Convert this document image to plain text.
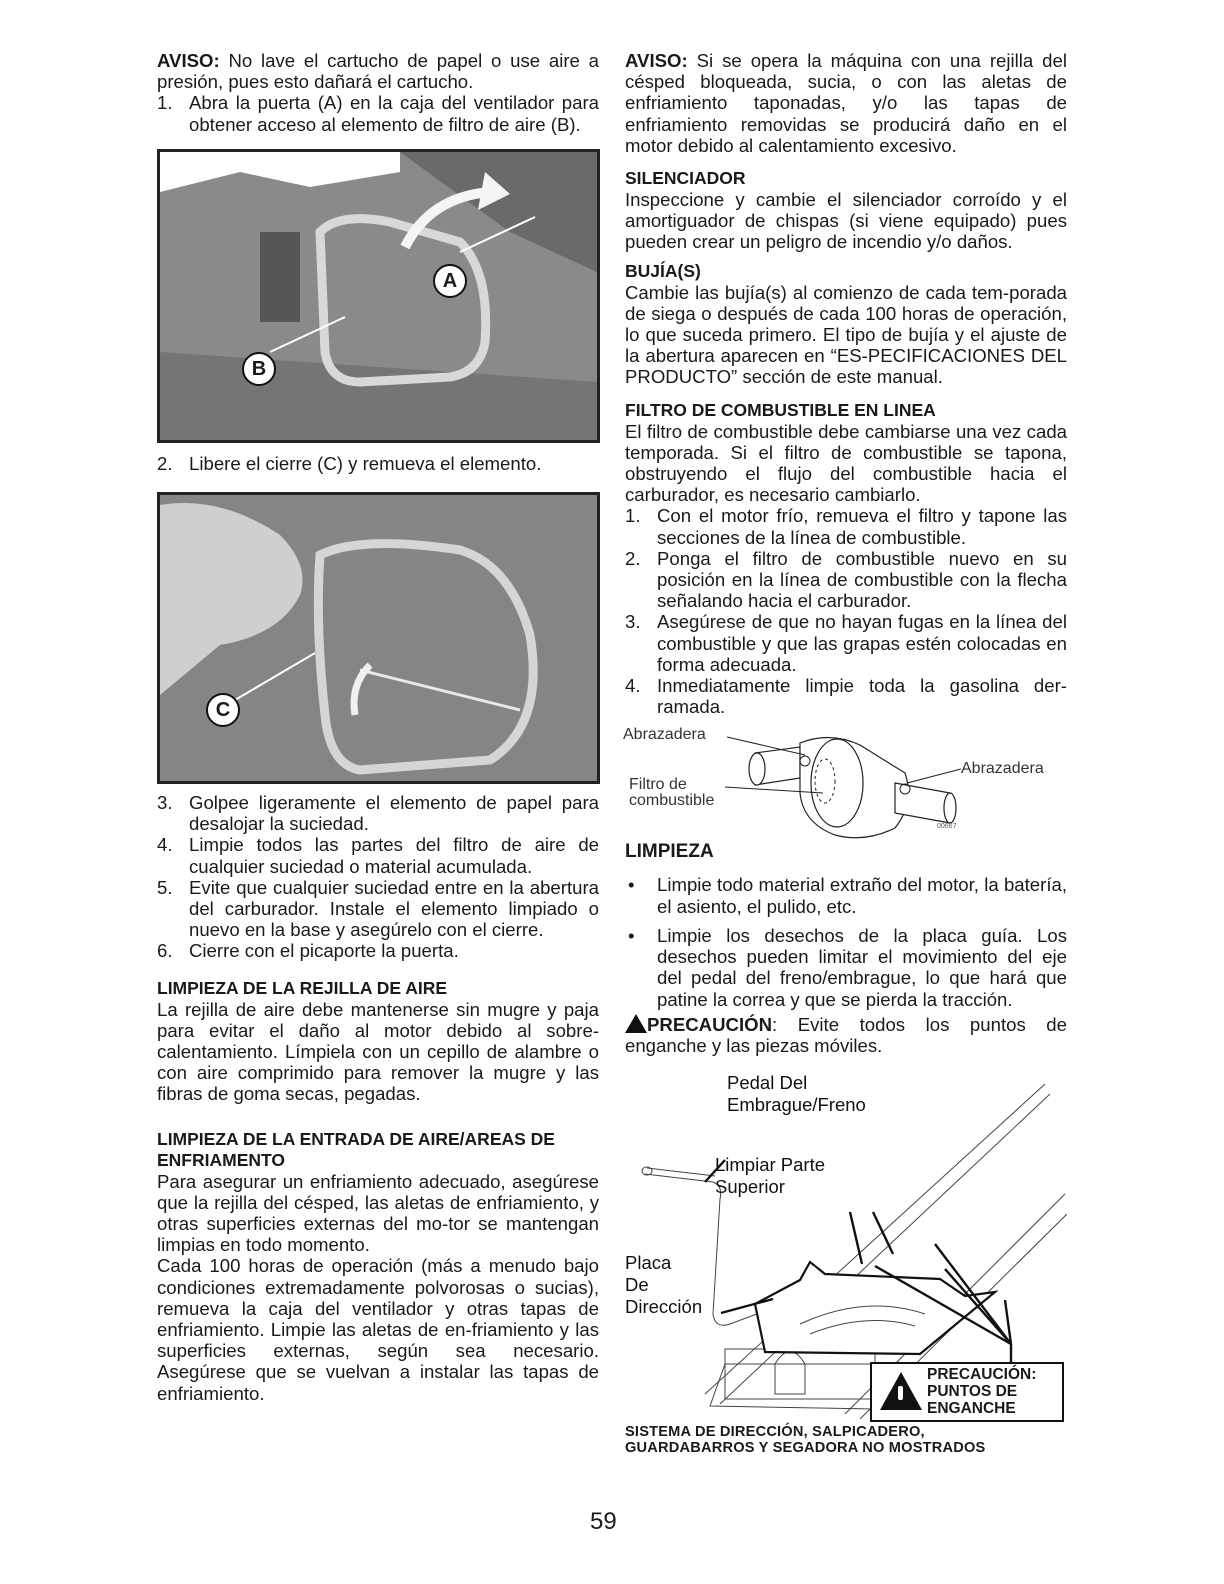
AVISO: No lave el cartucho de papel o use aire a presión, pues esto dañará el cartucho.

1. Abra la puerta (A) en la caja del ventilador para obtener acceso al elemento de filtro de aire (B).
A
B
2. Libere el cierre (C) y remueva el elemento.
C
3. Golpee ligeramente el elemento de papel para desalojar la suciedad.
4. Limpie todos las partes del filtro de aire de cualquier suciedad o material acumulada.
5. Evite que cualquier suciedad entre en la abertura del carburador. Instale el elemento limpiado o nuevo en la base y asegúrelo con el cierre.
6. Cierre con el picaporte la puerta.
LIMPIEZA DE LA REJILLA DE AIRE

La rejilla de aire debe mantenerse sin mugre y paja para evitar el daño al motor debido al sobre-calentamiento. Límpiela con un cepillo de alambre o con aire comprimido para remover la mugre y las fibras de goma secas, pegadas.

LIMPIEZA DE LA ENTRADA DE AIRE/AREAS DE ENFRIAMENTO

Para asegurar un enfriamiento adecuado, asegúrese que la rejilla del césped, las aletas de enfriamiento, y otras superficies externas del mo-tor se mantengan limpias en todo momento.

Cada 100 horas de operación (más a menudo bajo condiciones extremadamente polvorosas o sucias), remueva la caja del ventilador y otras tapas de enfriamiento. Limpie las aletas de en-friamiento y las superficies externas, según sea necesario. Asegúrese que se vuelvan a instalar las tapas de enfriamiento.

AVISO: Si se opera la máquina con una rejilla del césped bloqueada, sucia, o con las aletas de enfriamiento taponadas, y/o las tapas de enfriamiento removidas se producirá daño en el motor debido al calentamiento excesivo.

SILENCIADOR

Inspeccione y cambie el silenciador corroído y el amortiguador de chispas (si viene equipado) pues pueden crear un peligro de incendio y/o daños.

BUJÍA(S)

Cambie las bujía(s) al comienzo de cada tem-porada de siega o después de cada 100 horas de operación, lo que suceda primero. El tipo de bujía y el ajuste de la abertura aparecen en “ES-PECIFICACIONES DEL PRODUCTO” sección de este manual.

FILTRO DE COMBUSTIBLE EN LINEA

El filtro de combustible debe cambiarse una vez cada temporada. Si el filtro de combustible se tapona, obstruyendo el flujo del combustible hacia el carburador, es necesario cambiarlo.

1. Con el motor frío, remueva el filtro y tapone las secciones de la línea de combustible.
2. Ponga el filtro de combustible nuevo en su posición en la línea de combustible con la flecha señalando hacia el carburador.
3. Asegúrese de que no hayan fugas en la línea del combustible y que las grapas estén colocadas en forma adecuada.
4. Inmediatamente limpie toda la gasolina der-ramada.
Abrazadera
Abrazadera
Filtro de combustible
00667
LIMPIEZA
• Limpie todo material extraño del motor, la batería, el asiento, el pulido, etc.
• Limpie los desechos de la placa guía. Los desechos pueden limitar el movimiento del eje del pedal del freno/embrague, lo que hará que patine la correa y que se pierda la tracción.

PRECAUCIÓN: Evite todos los puntos de enganche y las piezas móviles.

Pedal Del Embrague/Freno
Limpiar Parte Superior
Placa De Dirección
PRECAUCIÓN:
PUNTOS DE
ENGANCHE
SISTEMA DE DIRECCIÓN, SALPICADERO,
GUARDABARROS Y SEGADORA NO MOSTRADOS
59
